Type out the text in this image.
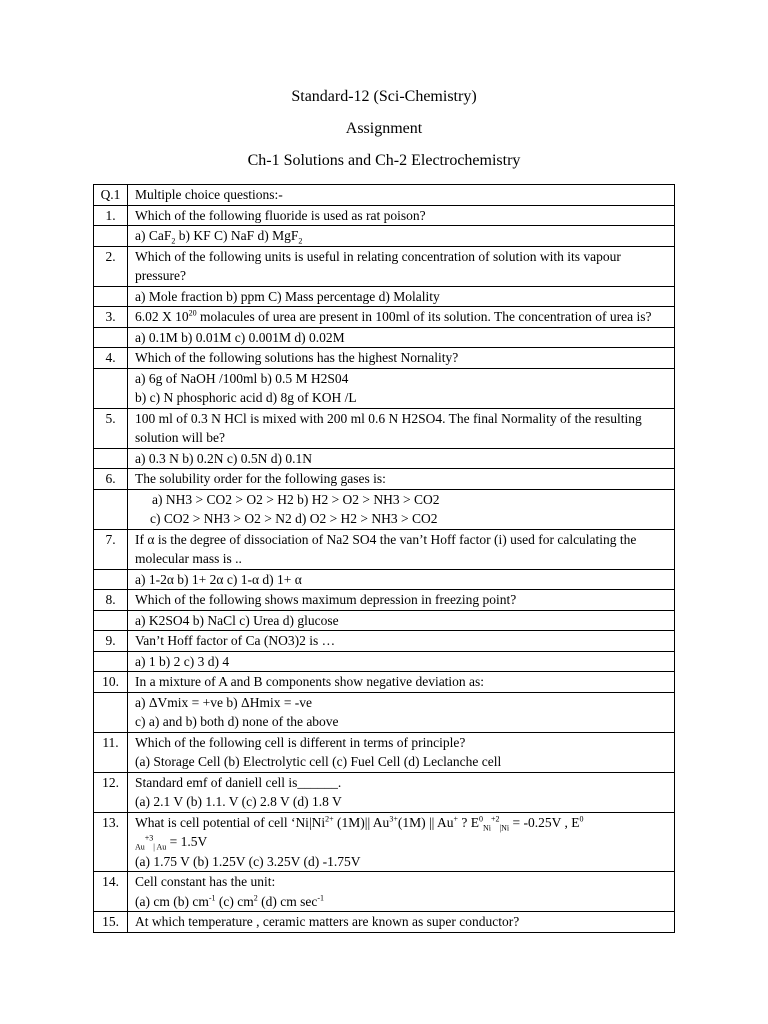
Standard-12 (Sci-Chemistry)
Assignment
Ch-1 Solutions and Ch-2 Electrochemistry
Q.1	Multiple choice questions:-
1.	Which of the following fluoride is used as rat poison?
	a) CaF$_2$ b) KF C) NaF d) MgF$_2$
2.	Which of the following units is useful in relating concentration of solution with its vapour pressure?
	a) Mole fraction b) ppm C) Mass percentage d) Molality
3.	6.02 X $10^{20}$ molacules of urea are present in 100ml of its solution. The concentration of urea is?
	a) 0.1M b) 0.01M c) 0.001M d) 0.02M
4.	Which of the following solutions has the highest Nornality?

	a) 6g of NaOH /100ml b) 0.5 M H2S04
b) c) N phosphoric acid d) 8g of KOH /L

5.	100 ml of 0.3 N HCl is mixed with 200 ml 0.6 N H2SO4. The final Normality of the resulting solution will be?
	a) 0.3 N b) 0.2N c) 0.5N d) 0.1N
6.	The solubility order for the following gases is:

	a) NH3 > CO2 > O2 > H2 b) H2 > O2 > NH3 > CO2
c) CO2 > NH3 > O2 > N2 d) O2 > H2 > NH3 > CO2

7.	If α is the degree of dissociation of Na2 SO4 the van’t Hoff factor (i) used for calculating the molecular mass is ..
	a) 1-2α b) 1+ 2α c) 1-α d) 1+ α
8.	Which of the following shows maximum depression in freezing point?
	a) K2SO4 b) NaCl c) Urea d) glucose
9.	Van’t Hoff factor of Ca (NO3)2 is …
	a) 1 b) 2 c) 3 d) 4
10.	In a mixture of A and B components show negative deviation as:

	a) ΔVmix = +ve b) ΔHmix = -ve
c) a) and b) both d) none of the above

11.	Which of the following cell is different in terms of principle?
(a) Storage Cell (b) Electrolytic cell (c) Fuel Cell (d) Leclanche cell

12.	Standard emf of daniell cell is______.
(a) 2.1 V (b) 1.1. V (c) 2.8 V (d) 1.8 V

13.	What is cell potential of cell ‘$Ni|Ni^{2+}$ (1M)|| $Au^{3+}(1M)$ || Au+ ? $E^0_{Ni}^{+2}_{|Ni} = -0.25V$ , $E^0$
$_{Au}^{+3}_{| Au}$ = 1.5V
(a) 1.75 V (b) 1.25V (c) 3.25V (d) -1.75V

14.	Cell constant has the unit:
(a) cm (b) $cm^{-1}$ (c) $cm^2$ (d) cm $\sec^{-1}$

15.	At which temperature , ceramic matters are known as super conductor?
